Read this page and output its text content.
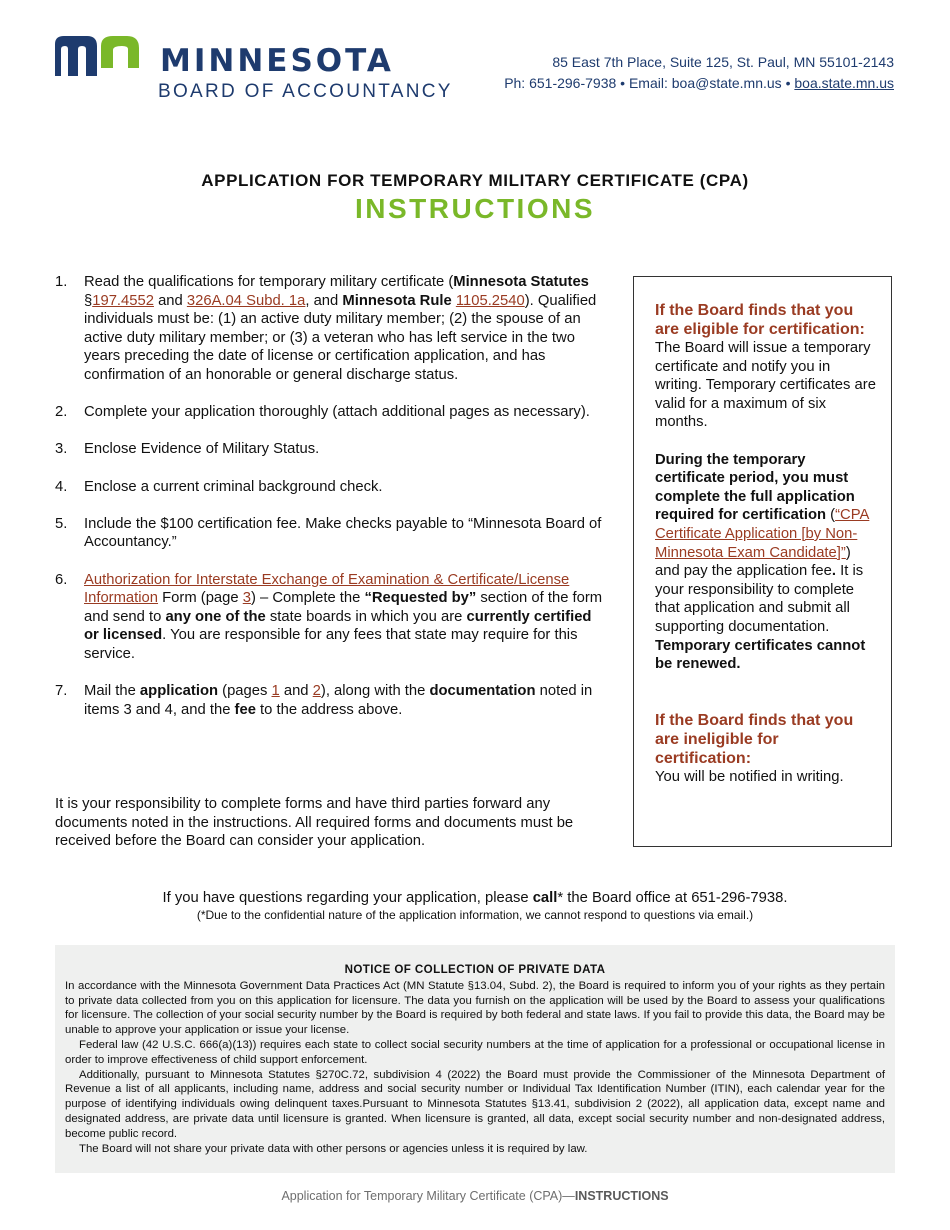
MINNESOTA
BOARD OF ACCOUNTANCY
85 East 7th Place, Suite 125, St. Paul, MN 55101-2143
Ph: 651-296-7938 • Email: boa@state.mn.us • boa.state.mn.us
APPLICATION FOR TEMPORARY MILITARY CERTIFICATE (CPA)
INSTRUCTIONS
1. Read the qualifications for temporary military certificate (Minnesota Statutes §197.4552 and 326A.04 Subd. 1a, and Minnesota Rule 1105.2540). Qualified individuals must be: (1) an active duty military member; (2) the spouse of an active duty military member; or (3) a veteran who has left service in the two years preceding the date of license or certification application, and has confirmation of an honorable or general discharge status.
2. Complete your application thoroughly (attach additional pages as necessary).
3. Enclose Evidence of Military Status.
4. Enclose a current criminal background check.
5. Include the $100 certification fee. Make checks payable to “Minnesota Board of Accountancy.”
6. Authorization for Interstate Exchange of Examination & Certificate/License Information Form (page 3) – Complete the “Requested by” section of the form and send to any one of the state boards in which you are currently certified or licensed. You are responsible for any fees that state may require for this service.
7. Mail the application (pages 1 and 2), along with the documentation noted in items 3 and 4, and the fee to the address above.
It is your responsibility to complete forms and have third parties forward any documents noted in the instructions. All required forms and documents must be received before the Board can consider your application.
If the Board finds that you are eligible for certification:
The Board will issue a temporary certificate and notify you in writing. Temporary certificates are valid for a maximum of six months.
During the temporary certificate period, you must complete the full application required for certification (“CPA Certificate Application [by Non-Minnesota Exam Candidate]”) and pay the application fee. It is your responsibility to complete that application and submit all supporting documentation. Temporary certificates cannot be renewed.
If the Board finds that you are ineligible for certification:
You will be notified in writing.
If you have questions regarding your application, please call* the Board office at 651-296-7938.
(*Due to the confidential nature of the application information, we cannot respond to questions via email.)
NOTICE OF COLLECTION OF PRIVATE DATA

In accordance with the Minnesota Government Data Practices Act (MN Statute §13.04, Subd. 2), the Board is required to inform you of your rights as they pertain to private data collected from you on this application for licensure. The data you furnish on the application will be used by the Board to assess your qualifications for licensure. The collection of your social security number by the Board is required by both federal and state laws. If you fail to provide this data, the Board may be unable to approve your application or issue your license.

Federal law (42 U.S.C. 666(a)(13)) requires each state to collect social security numbers at the time of application for a professional or occupational license in order to improve effectiveness of child support enforcement.

Additionally, pursuant to Minnesota Statutes §270C.72, subdivision 4 (2022) the Board must provide the Commissioner of the Minnesota Department of Revenue a list of all applicants, including name, address and social security number or Individual Tax Identification Number (ITIN), each calendar year for the purpose of identifying individuals owing delinquent taxes.Pursuant to Minnesota Statutes §13.41, subdivision 2 (2022), all application data, except name and designated address, are private data until licensure is granted. When licensure is granted, all data, except social security number and non-designated address, become public record.

The Board will not share your private data with other persons or agencies unless it is required by law.

Application for Temporary Military Certificate (CPA)—INSTRUCTIONS
